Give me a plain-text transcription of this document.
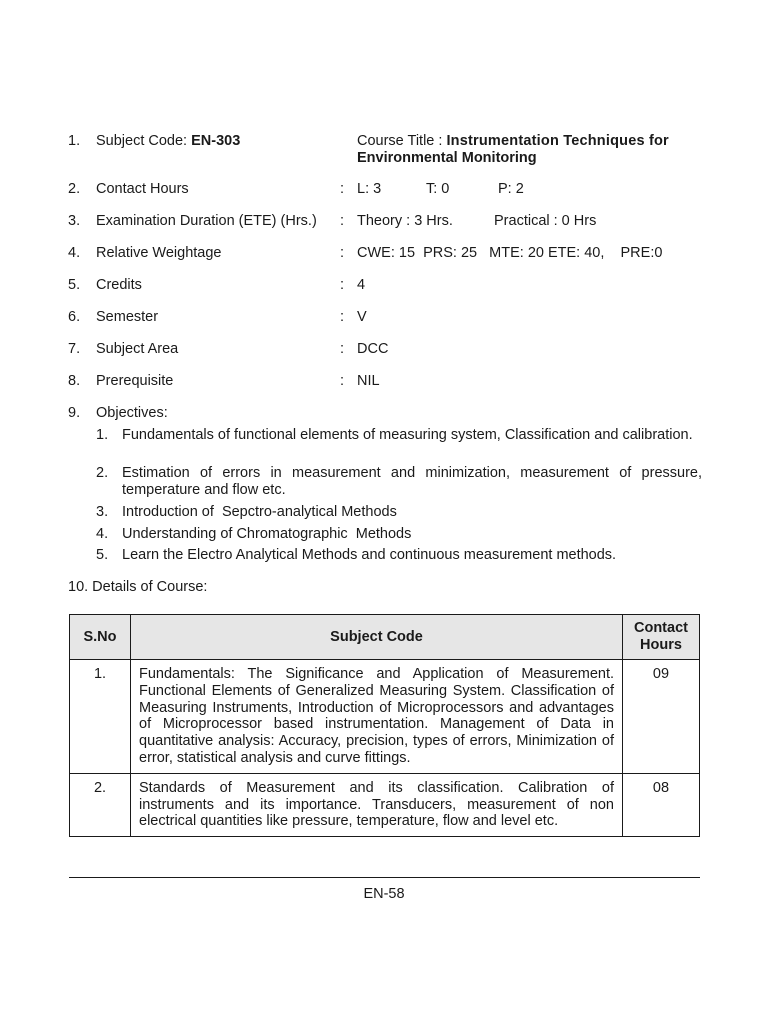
1. Subject Code: EN-303	Course Title : Instrumentation Techniques for
Environmental Monitoring
2. Contact Hours	: L: 3	T: 0	P: 2
3. Examination Duration (ETE) (Hrs.) : Theory : 3 Hrs.	Practical : 0 Hrs
4. Relative Weightage	: CWE: 15  PRS: 25   MTE: 20 ETE: 40,    PRE:0
5. Credits	: 4
6. Semester	: V
7. Subject Area	: DCC
8. Prerequisite	: NIL
9. Objectives:
1. Fundamentals of functional elements of measuring system, Classification and calibration.
2. Estimation of errors in measurement and minimization, measurement of pressure, temperature and flow etc.
3. Introduction of  Sepctro-analytical Methods
4. Understanding of Chromatographic  Methods
5. Learn the Electro Analytical Methods and continuous measurement methods.
10. Details of Course:
S.No	Subject Code	Contact
Hours

1.	Fundamentals: The Significance and Application of Measurement. Functional Elements of Generalized Measuring System. Classification of Measuring Instruments, Introduction of Microprocessors and advantages of Microprocessor based instrumentation. Management of Data in quantitative analysis: Accuracy, precision, types of errors, Minimization of error, statistical analysis and curve fittings.	09
2.	Standards of Measurement and its classification. Calibration of instruments and its importance. Transducers, measurement of non electrical quantities like pressure, temperature, flow and level etc.	08
EN-58
